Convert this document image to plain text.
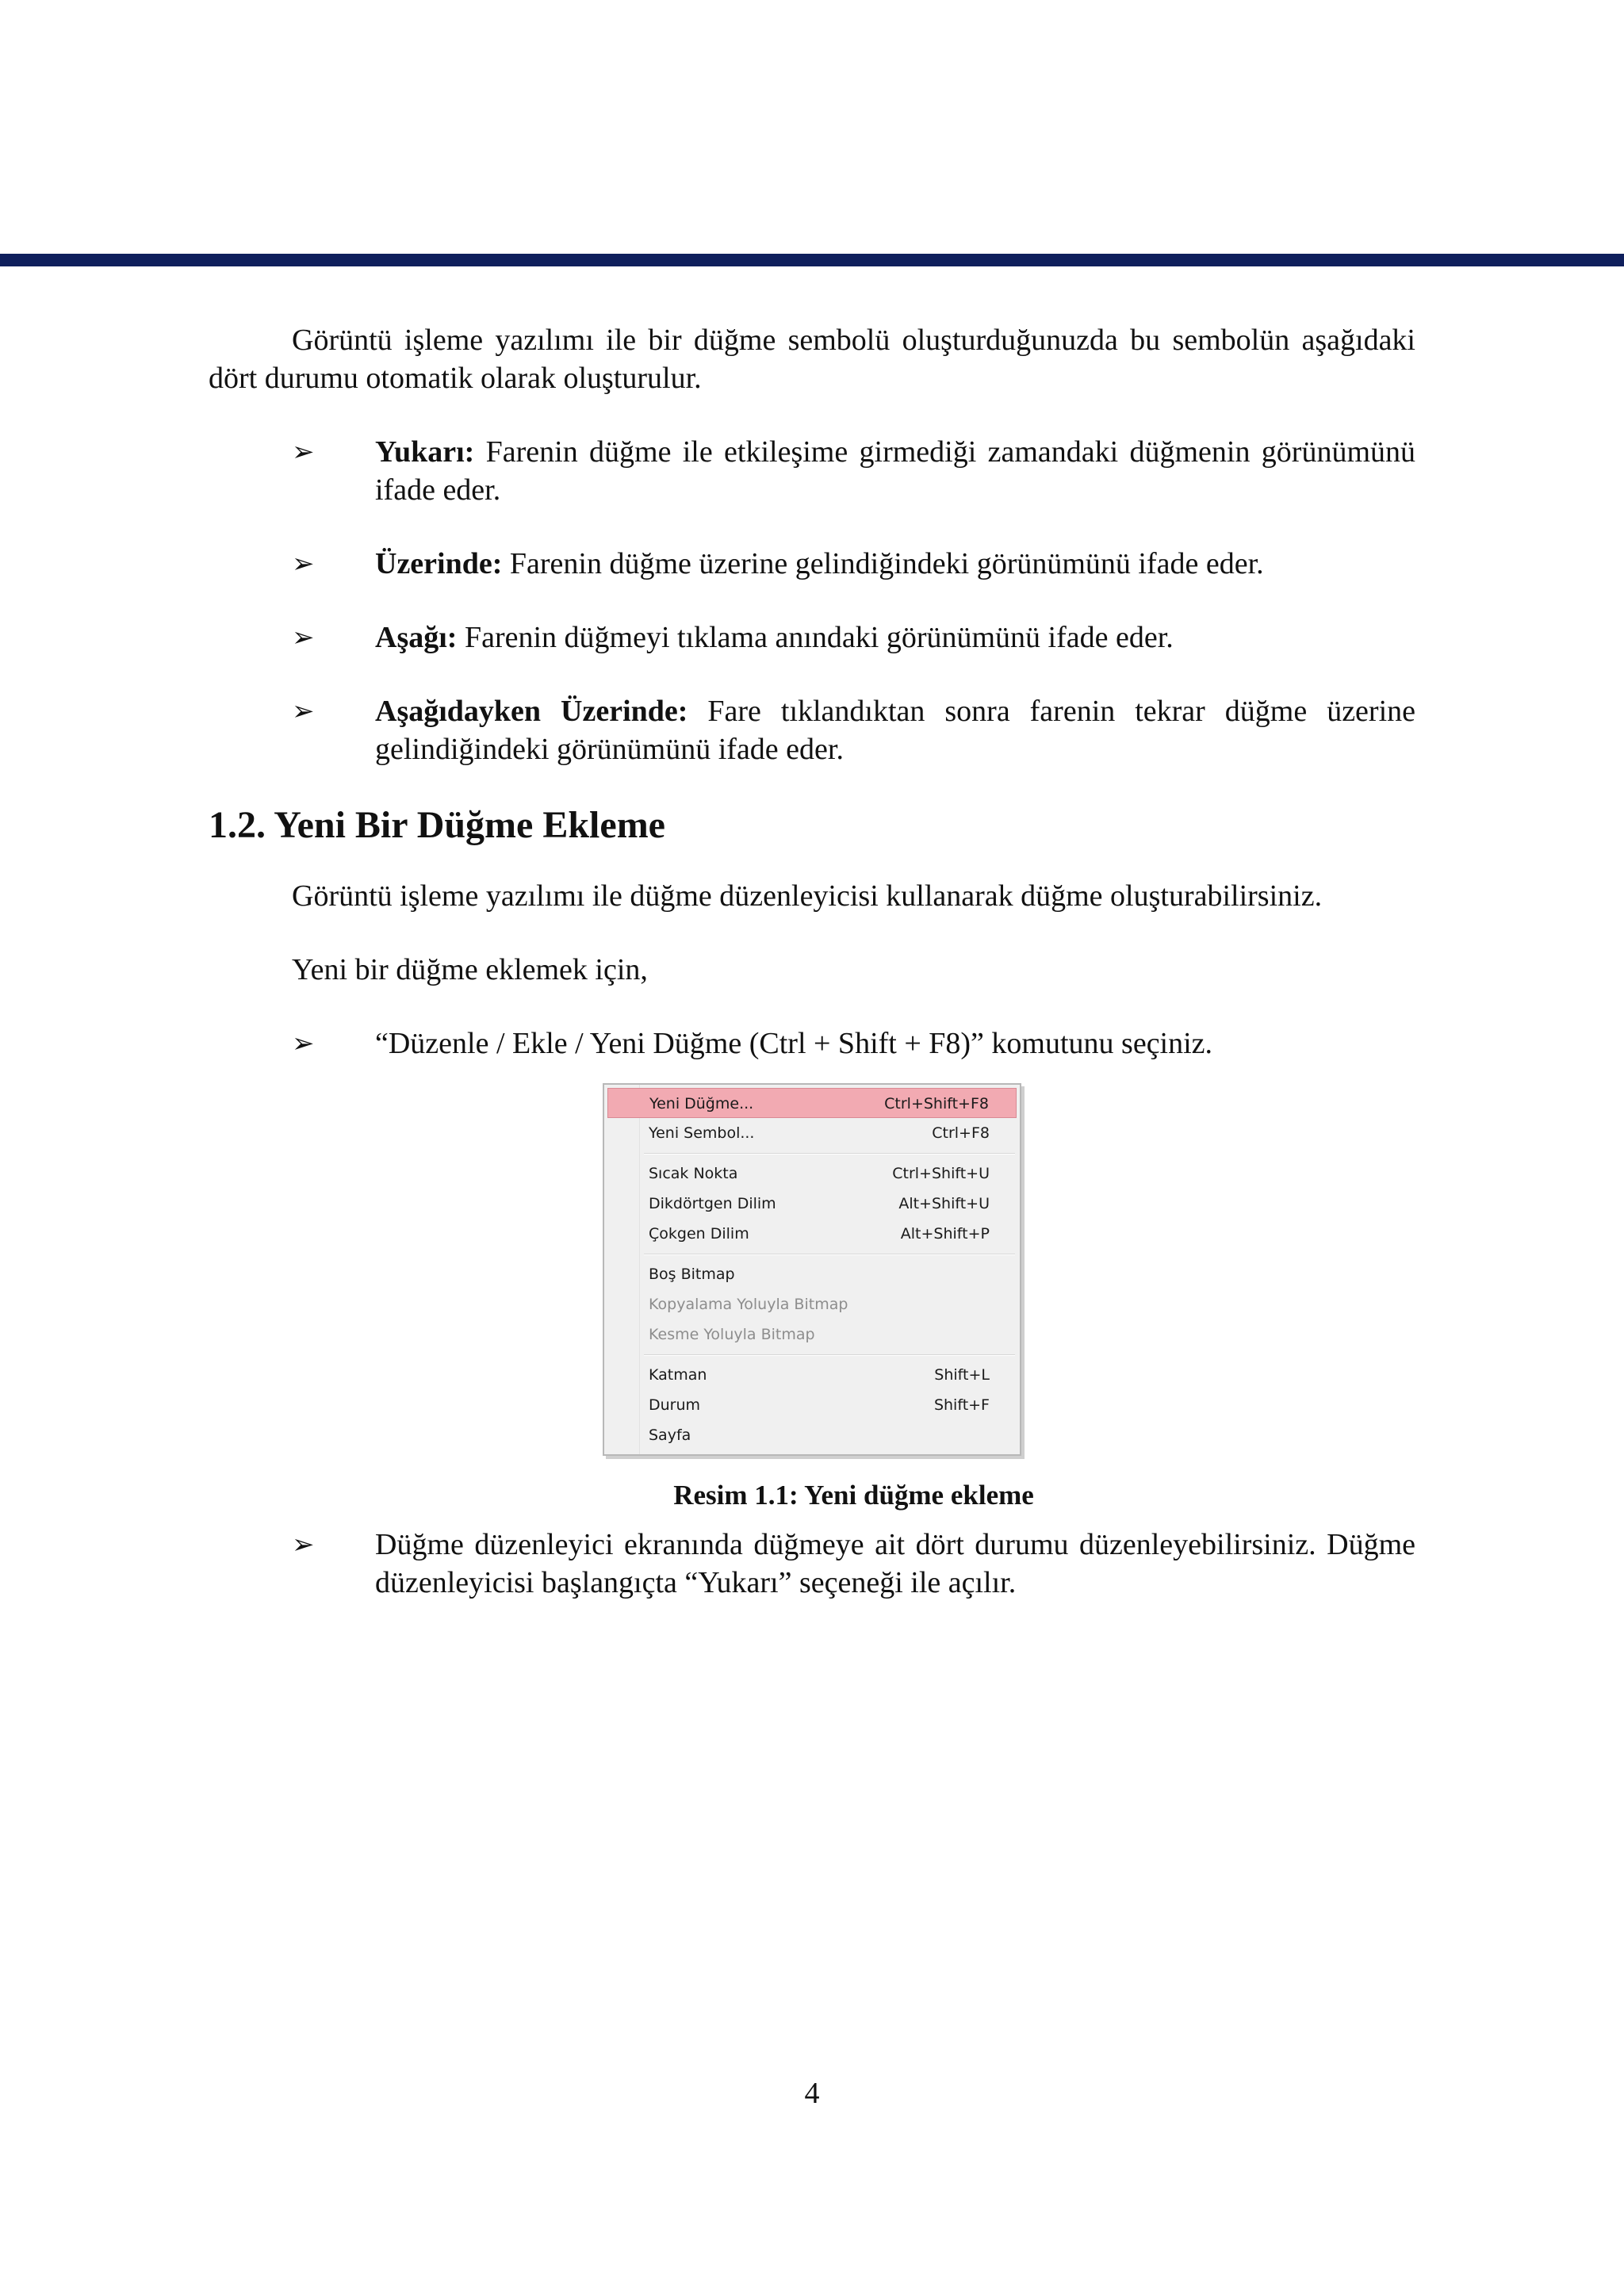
Görüntü işleme yazılımı ile bir düğme sembolü oluşturduğunuzda bu sembolün aşağıdaki dört durumu otomatik olarak oluşturulur.

➢	Yukarı: Farenin düğme ile etkileşime girmediği zamandaki düğmenin görünümünü ifade eder.
➢	Üzerinde: Farenin düğme üzerine gelindiğindeki görünümünü ifade eder.
➢	Aşağı: Farenin düğmeyi tıklama anındaki görünümünü ifade eder.
➢	Aşağıdayken Üzerinde: Fare tıklandıktan sonra farenin tekrar düğme üzerine gelindiğindeki görünümünü ifade eder.
1.2. Yeni Bir Düğme Ekleme

Görüntü işleme yazılımı ile düğme düzenleyicisi kullanarak düğme oluşturabilirsiniz.

Yeni bir düğme eklemek için,

➢	“Düzenle / Ekle / Yeni Düğme (Ctrl + Shift + F8)” komutunu seçiniz.
Yeni Düğme...	Ctrl+Shift+F8
Yeni Sembol...	Ctrl+F8
Sıcak Nokta	Ctrl+Shift+U
Dikdörtgen Dilim	Alt+Shift+U
Çokgen Dilim	Alt+Shift+P
Boş Bitmap
Kopyalama Yoluyla Bitmap
Kesme Yoluyla Bitmap
Katman	Shift+L
Durum	Shift+F
Sayfa

Resim 1.1: Yeni düğme ekleme

➢	Düğme düzenleyici ekranında düğmeye ait dört durumu düzenleyebilirsiniz. Düğme düzenleyicisi başlangıçta “Yukarı” seçeneği ile açılır.
4
